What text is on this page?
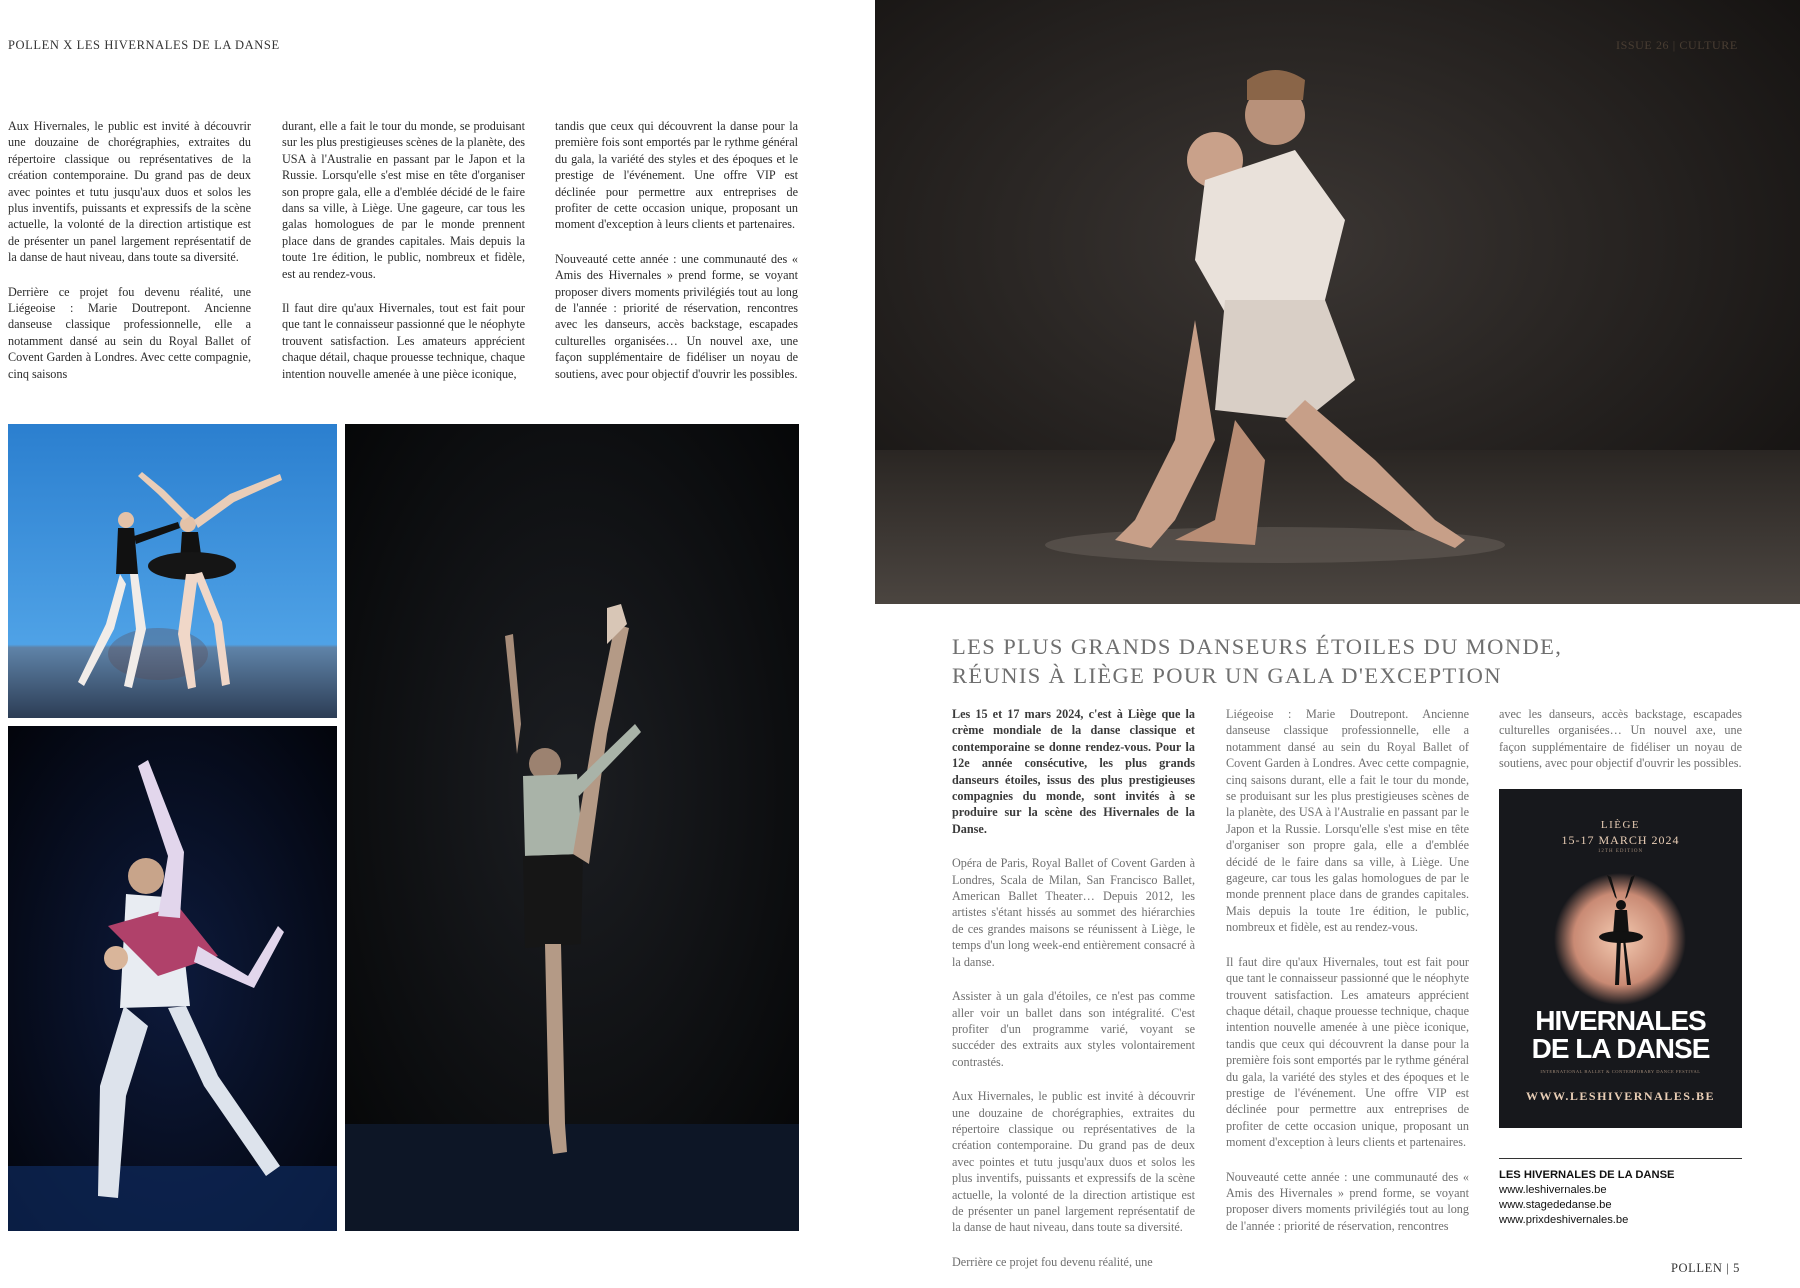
POLLEN X LES HIVERNALES DE LA DANSE

Aux Hivernales, le public est invité à découvrir une douzaine de chorégraphies, extraites du répertoire classique ou représentatives de la création contemporaine. Du grand pas de deux avec pointes et tutu jusqu'aux duos et solos les plus inventifs, puissants et expressifs de la scène actuelle, la volonté de la direction artistique est de présenter un panel largement représentatif de la danse de haut niveau, dans toute sa diversité.

Derrière ce projet fou devenu réalité, une Liégeoise : Marie Doutrepont. Ancienne danseuse classique professionnelle, elle a notamment dansé au sein du Royal Ballet of Covent Garden à Londres. Avec cette compagnie, cinq saisons

durant, elle a fait le tour du monde, se produisant sur les plus prestigieuses scènes de la planète, des USA à l'Australie en passant par le Japon et la Russie. Lorsqu'elle s'est mise en tête d'organiser son propre gala, elle a d'emblée décidé de le faire dans sa ville, à Liège. Une gageure, car tous les galas homologues de par le monde prennent place dans de grandes capitales. Mais depuis la toute 1re édition, le public, nombreux et fidèle, est au rendez-vous.

Il faut dire qu'aux Hivernales, tout est fait pour que tant le connaisseur passionné que le néophyte trouvent satisfaction. Les amateurs apprécient chaque détail, chaque prouesse technique, chaque intention nouvelle amenée à une pièce iconique,

tandis que ceux qui découvrent la danse pour la première fois sont emportés par le rythme général du gala, la variété des styles et des époques et le prestige de l'événement. Une offre VIP est déclinée pour permettre aux entreprises de profiter de cette occasion unique, proposant un moment d'exception à leurs clients et partenaires.

Nouveauté cette année : une communauté des « Amis des Hivernales » prend forme, se voyant proposer divers moments privilégiés tout au long de l'année : priorité de réservation, rencontres avec les danseurs, accès backstage, escapades culturelles organisées… Un nouvel axe, une façon supplémentaire de fidéliser un noyau de soutiens, avec pour objectif d'ouvrir les possibles.

ISSUE 26 | CULTURE
LES PLUS GRANDS DANSEURS ÉTOILES DU MONDE,
RÉUNIS À LIÈGE POUR UN GALA D'EXCEPTION

Les 15 et 17 mars 2024, c'est à Liège que la crème mondiale de la danse classique et contemporaine se donne rendez-vous. Pour la 12e année consécutive, les plus grands danseurs étoiles, issus des plus prestigieuses compagnies du monde, sont invités à se produire sur la scène des Hivernales de la Danse.

Opéra de Paris, Royal Ballet of Covent Garden à Londres, Scala de Milan, San Francisco Ballet, American Ballet Theater… Depuis 2012, les artistes s'étant hissés au sommet des hiérarchies de ces grandes maisons se réunissent à Liège, le temps d'un long week-end entièrement consacré à la danse.

Assister à un gala d'étoiles, ce n'est pas comme aller voir un ballet dans son intégralité. C'est profiter d'un programme varié, voyant se succéder des extraits aux styles volontairement contrastés.

Aux Hivernales, le public est invité à découvrir une douzaine de chorégraphies, extraites du répertoire classique ou représentatives de la création contemporaine. Du grand pas de deux avec pointes et tutu jusqu'aux duos et solos les plus inventifs, puissants et expressifs de la scène actuelle, la volonté de la direction artistique est de présenter un panel largement représentatif de la danse de haut niveau, dans toute sa diversité.

Derrière ce projet fou devenu réalité, une

Liégeoise : Marie Doutrepont. Ancienne danseuse classique professionnelle, elle a notamment dansé au sein du Royal Ballet of Covent Garden à Londres. Avec cette compagnie, cinq saisons durant, elle a fait le tour du monde, se produisant sur les plus prestigieuses scènes de la planète, des USA à l'Australie en passant par le Japon et la Russie. Lorsqu'elle s'est mise en tête d'organiser son propre gala, elle a d'emblée décidé de le faire dans sa ville, à Liège. Une gageure, car tous les galas homologues de par le monde prennent place dans de grandes capitales. Mais depuis la toute 1re édition, le public, nombreux et fidèle, est au rendez-vous.

Il faut dire qu'aux Hivernales, tout est fait pour que tant le connaisseur passionné que le néophyte trouvent satisfaction. Les amateurs apprécient chaque détail, chaque prouesse technique, chaque intention nouvelle amenée à une pièce iconique, tandis que ceux qui découvrent la danse pour la première fois sont emportés par le rythme général du gala, la variété des styles et des époques et le prestige de l'événement. Une offre VIP est déclinée pour permettre aux entreprises de profiter de cette occasion unique, proposant un moment d'exception à leurs clients et partenaires.

Nouveauté cette année : une communauté des « Amis des Hivernales » prend forme, se voyant proposer divers moments privilégiés tout au long de l'année : priorité de réservation, rencontres

avec les danseurs, accès backstage, escapades culturelles organisées… Un nouvel axe, une façon supplémentaire de fidéliser un noyau de soutiens, avec pour objectif d'ouvrir les possibles.

LIÈGE
15-17 MARCH 2024
12TH EDITION
HIVERNALES
DE LA DANSE
INTERNATIONAL BALLET & CONTEMPORARY DANCE FESTIVAL
WWW.LESHIVERNALES.BE
LES HIVERNALES DE LA DANSE
www.leshivernales.be
www.stagededanse.be
www.prixdeshivernales.be
POLLEN | 5
